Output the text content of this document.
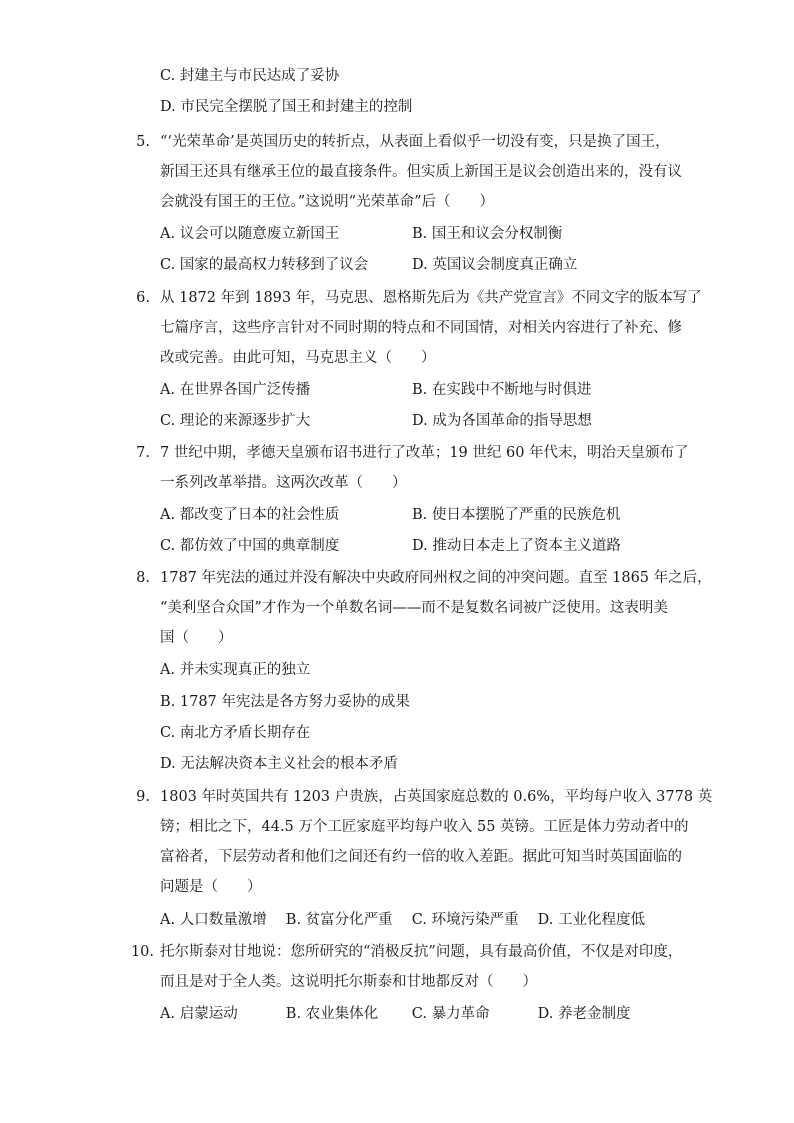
C. 封建主与市民达成了妥协
D. 市民完全摆脱了国王和封建主的控制
5. “‘光荣革命’是英国历史的转折点，从表面上看似乎一切没有变，只是换了国王，
新国王还具有继承王位的最直接条件。但实质上新国王是议会创造出来的，没有议
会就没有国王的王位。”这说明“光荣革命”后（　　）
A. 议会可以随意废立新国王	B. 国王和议会分权制衡
C. 国家的最高权力转移到了议会	D. 英国议会制度真正确立
6. 从 1872 年到 1893 年，马克思、恩格斯先后为《共产党宣言》不同文字的版本写了
七篇序言，这些序言针对不同时期的特点和不同国情，对相关内容进行了补充、修
改或完善。由此可知，马克思主义（　　）
A. 在世界各国广泛传播	B. 在实践中不断地与时俱进
C. 理论的来源逐步扩大	D. 成为各国革命的指导思想
7. 7 世纪中期，孝德天皇颁布诏书进行了改革；19 世纪 60 年代末，明治天皇颁布了
一系列改革举措。这两次改革（　　）
A. 都改变了日本的社会性质	B. 使日本摆脱了严重的民族危机
C. 都仿效了中国的典章制度	D. 推动日本走上了资本主义道路
8. 1787 年宪法的通过并没有解决中央政府同州权之间的冲突问题。直至 1865 年之后，
“美利坚合众国”才作为一个单数名词——而不是复数名词被广泛使用。这表明美
国（　　）
A. 并未实现真正的独立
B. 1787 年宪法是各方努力妥协的成果
C. 南北方矛盾长期存在
D. 无法解决资本主义社会的根本矛盾
9. 1803 年时英国共有 1203 户贵族，占英国家庭总数的 0.6%，平均每户收入 3778 英
镑；相比之下，44.5 万个工匠家庭平均每户收入 55 英镑。工匠是体力劳动者中的
富裕者，下层劳动者和他们之间还有约一倍的收入差距。据此可知当时英国面临的
问题是（　　）
A. 人口数量激增　 B. 贫富分化严重　 C. 环境污染严重　 D. 工业化程度低
10. 托尔斯泰对甘地说：您所研究的“消极反抗”问题，具有最高价值，不仅是对印度，
而且是对于全人类。这说明托尔斯泰和甘地都反对（　　）
A. 启蒙运动　　　 B. 农业集体化　　 C. 暴力革命　　　 D. 养老金制度
